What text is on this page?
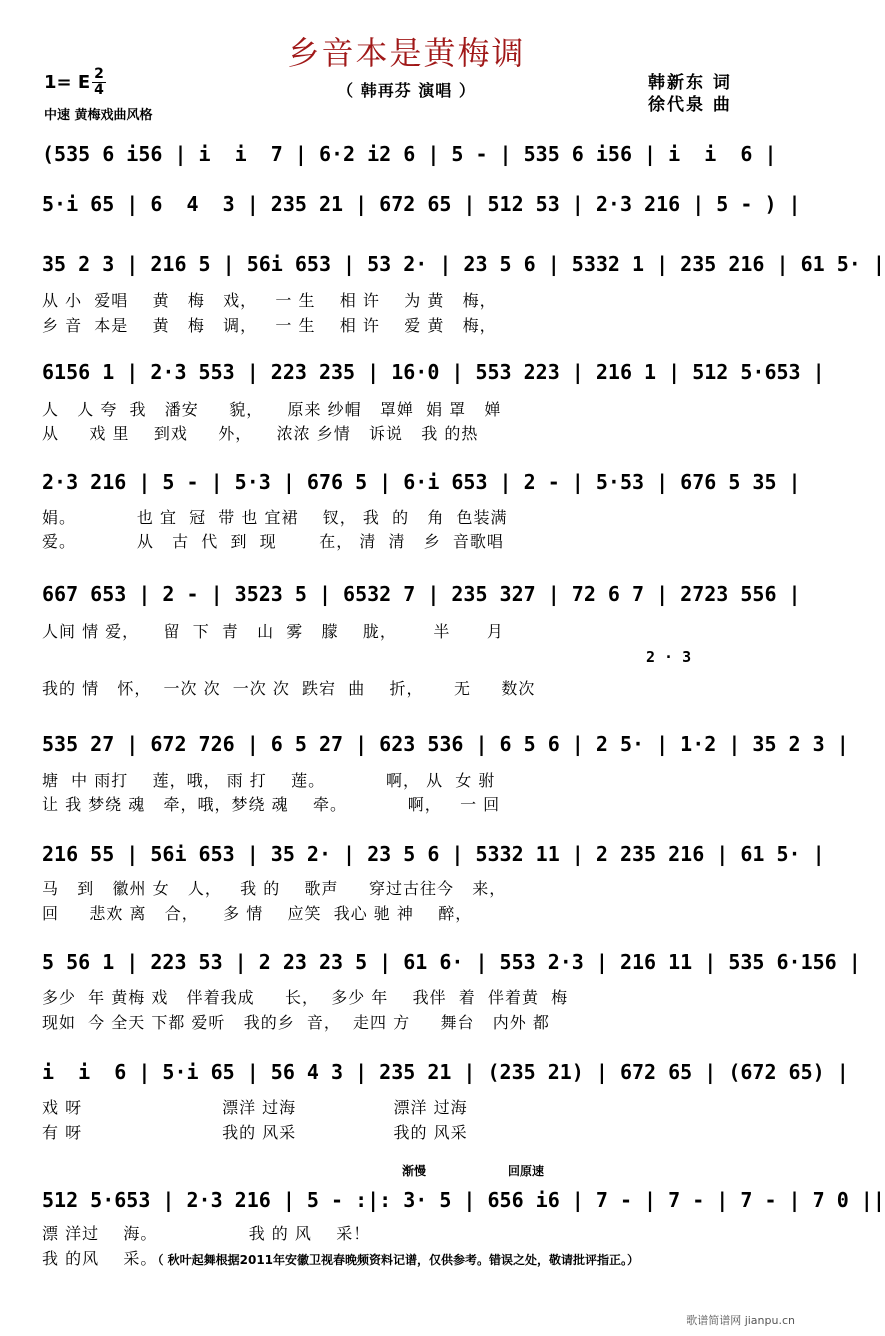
乡音本是黄梅调
（ 韩再芬 演唱 ）
1= E 2
4
中速 黄梅戏曲风格
韩新东 词
徐代泉 曲
(535 6 i56 | i  i  7 | 6·2 i2 6 | 5 - | 535 6 i56 | i  i  6 |
5·i 65 | 6  4  3 | 235 21 | 672 65 | 512 53 | 2·3 216 | 5 - ) |
35 2 3 | 216 5 | 56i 653 | 53 2· | 23 5 6 | 5332 1 | 235 216 | 61 5· |
从 小  爱唱    黄   梅   戏，   一 生    相 许    为 黄   梅，
乡 音  本是    黄   梅   调，   一 生    相 许    爱 黄   梅，
6156 1 | 2·3 553 | 223 235 | 16·0 | 553 223 | 216 1 | 512 5·653 |
人   人 夸  我   潘安     貌，    原来 纱帽   罩婵  娟 罩   婵
从     戏 里    到戏     外，    浓浓 乡情   诉说   我 的热
2·3 216 | 5 - | 5·3 | 676 5 | 6·i 653 | 2 - | 5·53 | 676 5 35 |
娟。          也 宜  冠  带 也 宜裙    钗， 我  的   角  色装满
爱。          从   古  代  到  现       在， 清  清   乡  音歌唱
667 653 | 2 - | 3523 5 | 6532 7 | 235 327 | 72 6 7 | 2723 556 |
人间 情 爱，    留  下  青   山  雾   朦    胧，      半      月
2 · 3
我的 情   怀，  一次 次  一次 次  跌宕  曲    折，     无     数次
535 27 | 672 726 | 6 5 27 | 623 536 | 6 5 6 | 2 5· | 1·2 | 35 2 3 |
塘  中 雨打    莲，哦， 雨 打    莲。          啊， 从  女 驸
让 我 梦绕 魂   牵，哦，梦绕 魂    牵。          啊，   一 回
216 55 | 56i 653 | 35 2· | 23 5 6 | 5332 11 | 2 235 216 | 61 5· |
马   到   徽州 女   人，   我 的    歌声     穿过古往今   来，
回     悲欢 离   合，    多 情    应笑  我心 驰 神    醉，
5 56 1 | 223 53 | 2 23 23 5 | 61 6· | 553 2·3 | 216 11 | 535 6·156 |
多少  年 黄梅 戏   伴着我成     长，  多少 年    我伴  着  伴着黄  梅
现如  今 全天 下都 爱听   我的乡  音，  走四 方     舞台   内外 都
i  i  6 | 5·i 65 | 56 4 3 | 235 21 | (235 21) | 672 65 | (672 65) |
戏 呀                       漂洋 过海                漂洋 过海
有 呀                       我的 风采                我的 风采
渐慢	回原速
512 5·653 | 2·3 216 | 5 - :|: 3· 5 | 656 i6 | 7 - | 7 - | 7 - | 7 0 ||
漂 洋过    海。               我 的 风    采！
我 的风    采。（ 秋叶起舞根据2011年安徽卫视春晚频资料记谱，仅供参考。错误之处，敬请批评指正。）
歌谱简谱网 jianpu.cn
